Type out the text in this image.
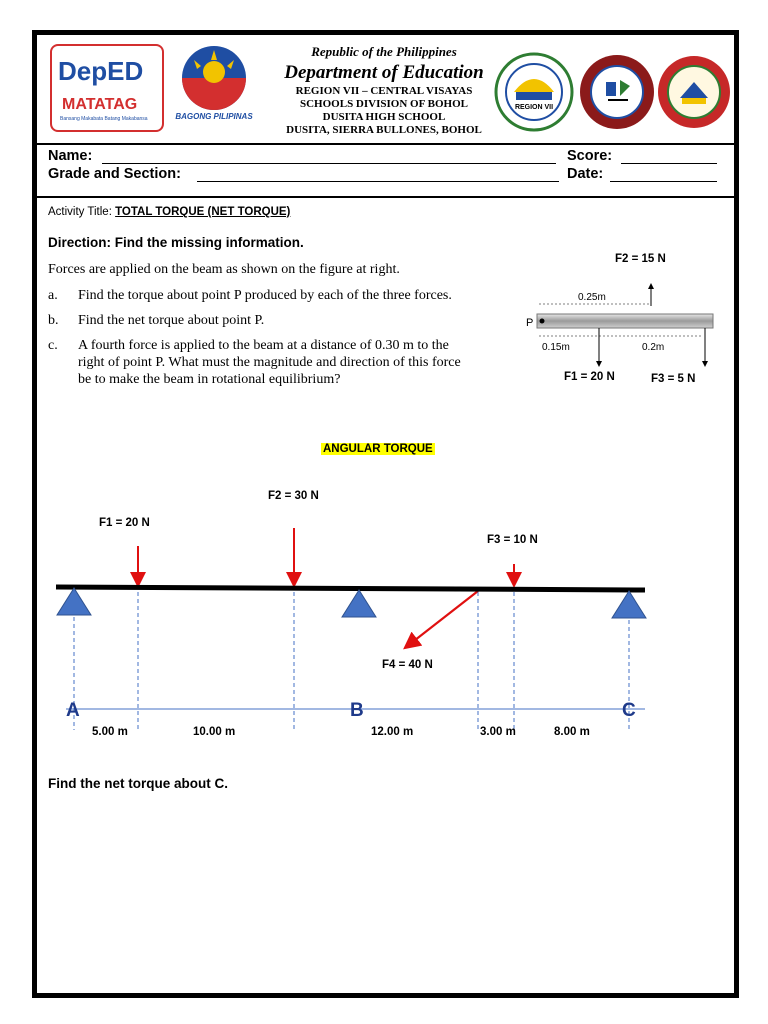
DepED
MATATAG
Bansang Makabata Batang Makabansa	BAGONG PILIPINAS
Republic of the Philippines
Department of Education
REGION VII – CENTRAL VISAYAS
SCHOOLS DIVISION OF BOHOL
DUSITA HIGH SCHOOL
DUSITA, SIERRA BULLONES, BOHOL
REGION VII
Name:	Score:
Grade and Section:	Date:
Activity Title: TOTAL TORQUE (NET TORQUE)
Direction: Find the missing information.
Forces are applied on the beam as shown on the figure at right.
a. Find the torque about point P produced by each of the three forces.
b. Find the net torque about point P.
c. A fourth force is applied to the beam at a distance of 0.30 m to the
right of point P. What must the magnitude and direction of this force
be to make the beam in rotational equilibrium?
F2 = 15 N
0.25m
P
0.15m	0.2m
F1 = 20 N	F3 = 5 N
ANGULAR TORQUE
F1 = 20 N
F2 = 30 N
F3 = 10 N
F4 = 40 N
A	B	C
5.00 m	10.00 m	12.00 m	3.00 m	8.00 m
Find the net torque about C.
